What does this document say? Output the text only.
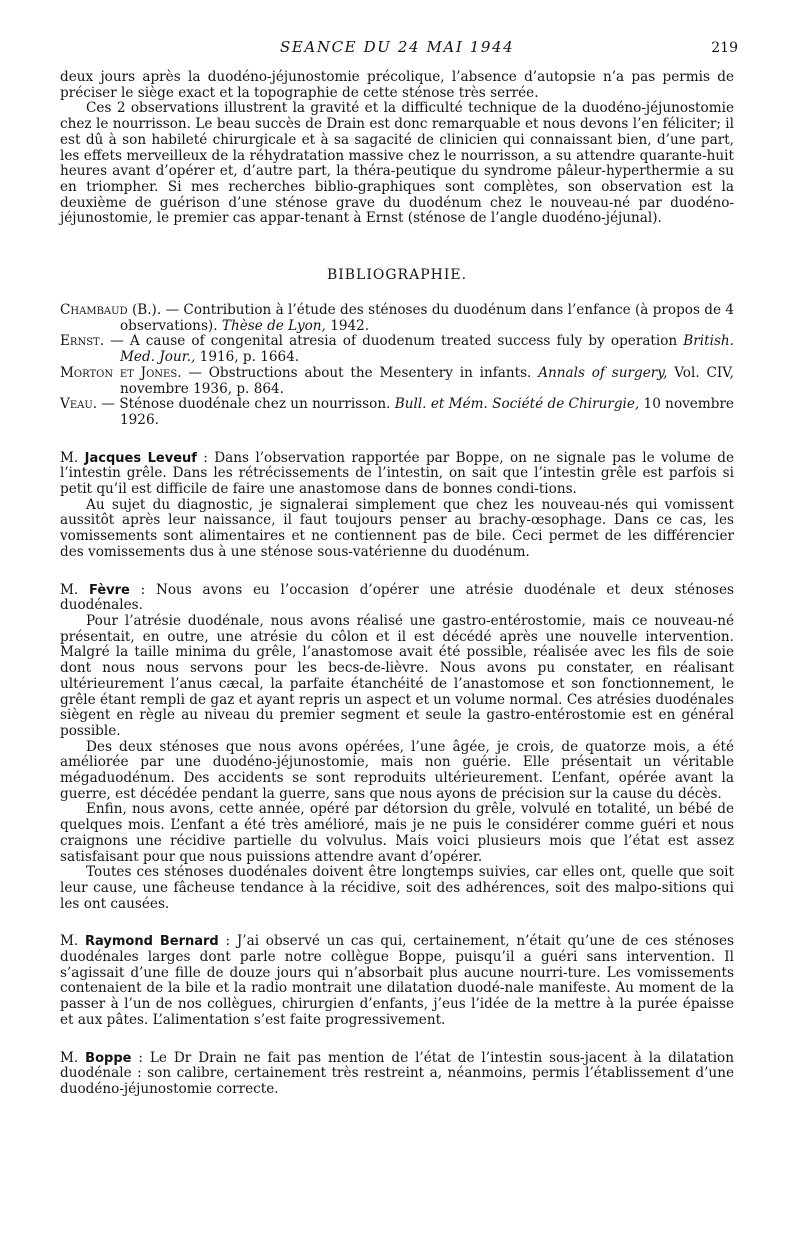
SEANCE DU 24 MAI 1944	219

deux jours après la duodéno-jéjunostomie précolique, l’absence d’autopsie n’a pas permis de préciser le siège exact et la topographie de cette sténose très serrée.

Ces 2 observations illustrent la gravité et la difficulté technique de la duodéno-jéjunostomie chez le nourrisson. Le beau succès de Drain est donc remarquable et nous devons l’en féliciter; il est dû à son habileté chirurgicale et à sa sagacité de clinicien qui connaissant bien, d’une part, les effets merveilleux de la réhydratation massive chez le nourrisson, a su attendre quarante-huit heures avant d’opérer et, d’autre part, la théra-peutique du syndrome pâleur-hyperthermie a su en triompher. Si mes recherches biblio-graphiques sont complètes, son observation est la deuxième de guérison d’une sténose grave du duodénum chez le nouveau-né par duodéno-jéjunostomie, le premier cas appar-tenant à Ernst (sténose de l’angle duodéno-jéjunal).

BIBLIOGRAPHIE.

Chambaud (B.). — Contribution à l’étude des sténoses du duodénum dans l’enfance (à propos de 4 observations). Thèse de Lyon, 1942.

Ernst. — A cause of congenital atresia of duodenum treated success fuly by operation British. Med. Jour., 1916, p. 1664.

Morton et Jones. — Obstructions about the Mesentery in infants. Annals of surgery, Vol. CIV, novembre 1936, p. 864.

Veau. — Sténose duodénale chez un nourrisson. Bull. et Mém. Société de Chirurgie, 10 novembre 1926.

M. Jacques Leveuf : Dans l’observation rapportée par Boppe, on ne signale pas le volume de l’intestin grêle. Dans les rétrécissements de l’intestin, on sait que l’intestin grêle est parfois si petit qu’il est difficile de faire une anastomose dans de bonnes condi-tions.

Au sujet du diagnostic, je signalerai simplement que chez les nouveau-nés qui vomissent aussitôt après leur naissance, il faut toujours penser au brachy-œsophage. Dans ce cas, les vomissements sont alimentaires et ne contiennent pas de bile. Ceci permet de les différencier des vomissements dus à une sténose sous-vatérienne du duodénum.

M. Fèvre : Nous avons eu l’occasion d’opérer une atrésie duodénale et deux sténoses duodénales.

Pour l’atrésie duodénale, nous avons réalisé une gastro-entérostomie, mais ce nouveau-né présentait, en outre, une atrésie du côlon et il est décédé après une nouvelle intervention. Malgré la taille minima du grêle, l’anastomose avait été possible, réalisée avec les fils de soie dont nous nous servons pour les becs-de-lièvre. Nous avons pu constater, en réalisant ultérieurement l’anus cæcal, la parfaite étanchéité de l’anastomose et son fonctionnement, le grêle étant rempli de gaz et ayant repris un aspect et un volume normal. Ces atrésies duodénales siègent en règle au niveau du premier segment et seule la gastro-entérostomie est en général possible.

Des deux sténoses que nous avons opérées, l’une âgée, je crois, de quatorze mois, a été améliorée par une duodéno-jéjunostomie, mais non guérie. Elle présentait un véritable mégaduodénum. Des accidents se sont reproduits ultérieurement. L’enfant, opérée avant la guerre, est décédée pendant la guerre, sans que nous ayons de précision sur la cause du décès.

Enfin, nous avons, cette année, opéré par détorsion du grêle, volvulé en totalité, un bébé de quelques mois. L’enfant a été très amélioré, mais je ne puis le considérer comme guéri et nous craignons une récidive partielle du volvulus. Mais voici plusieurs mois que l’état est assez satisfaisant pour que nous puissions attendre avant d’opérer.

Toutes ces sténoses duodénales doivent être longtemps suivies, car elles ont, quelle que soit leur cause, une fâcheuse tendance à la récidive, soit des adhérences, soit des malpo-sitions qui les ont causées.

M. Raymond Bernard : J’ai observé un cas qui, certainement, n’était qu’une de ces sténoses duodénales larges dont parle notre collègue Boppe, puisqu’il a guéri sans intervention. Il s’agissait d’une fille de douze jours qui n’absorbait plus aucune nourri-ture. Les vomissements contenaient de la bile et la radio montrait une dilatation duodé-nale manifeste. Au moment de la passer à l’un de nos collègues, chirurgien d’enfants, j’eus l’idée de la mettre à la purée épaisse et aux pâtes. L’alimentation s’est faite progressivement.

M. Boppe : Le Dr Drain ne fait pas mention de l’état de l’intestin sous-jacent à la dilatation duodénale : son calibre, certainement très restreint a, néanmoins, permis l’établissement d’une duodéno-jéjunostomie correcte.
